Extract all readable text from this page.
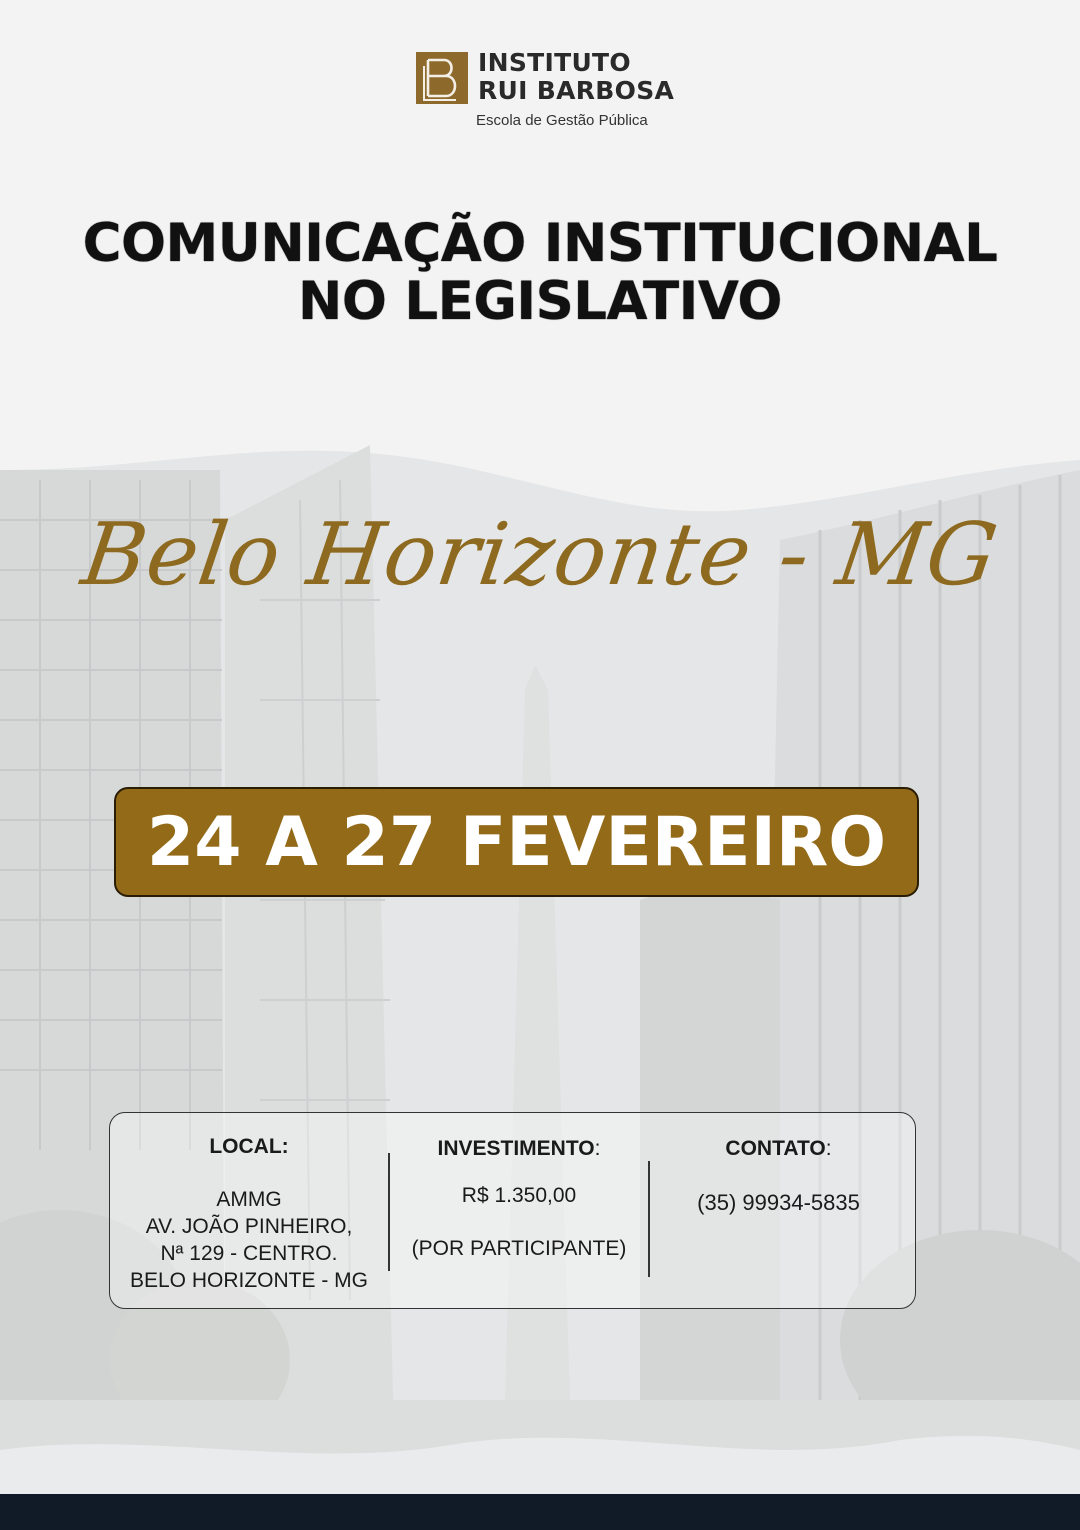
INSTITUTO
RUI BARBOSA
Escola de Gestão Pública
COMUNICAÇÃO INSTITUCIONAL
NO LEGISLATIVO
Belo Horizonte - MG
24 A 27 FEVEREIRO
LOCAL:
AMMG
AV. JOÃO PINHEIRO,
Nª 129 - CENTRO.
BELO HORIZONTE - MG
INVESTIMENTO:
R$ 1.350,00
(POR PARTICIPANTE)
CONTATO:
(35) 99934-5835
